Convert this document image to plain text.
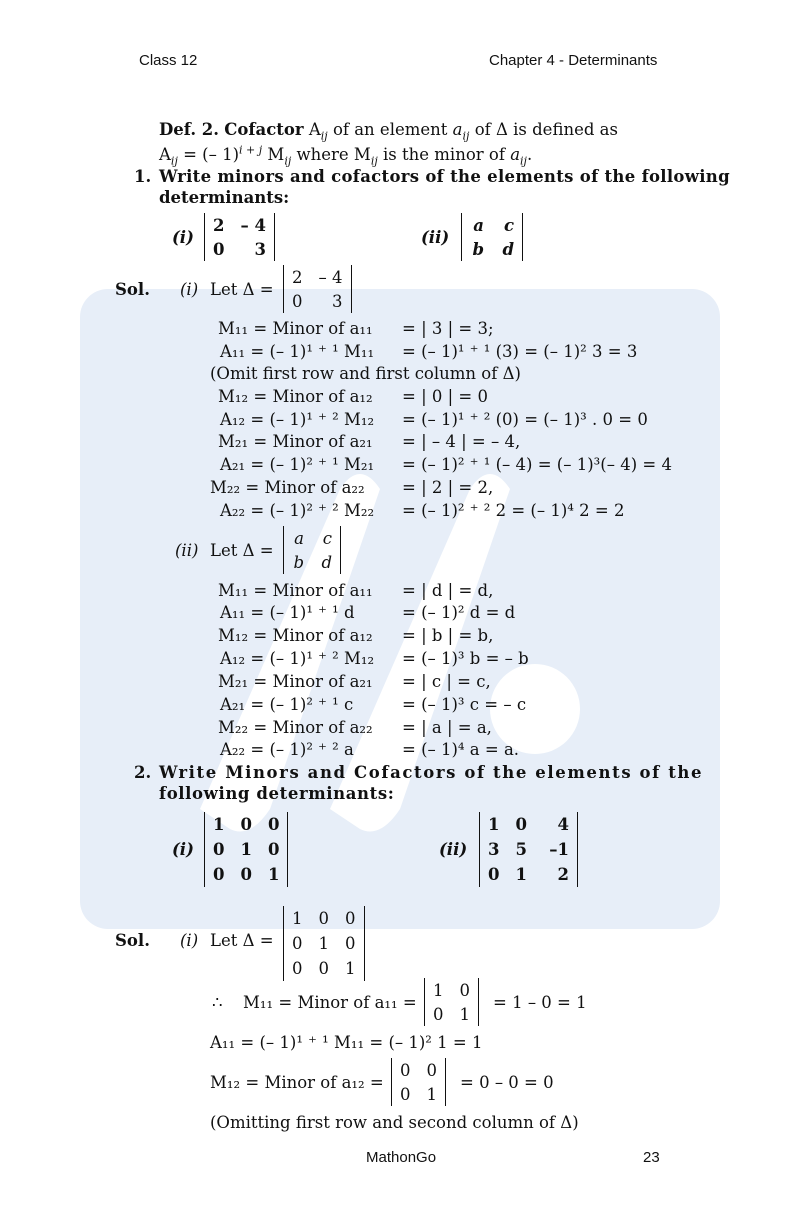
Class 12	Chapter 4 - Determinants
Def. 2. Cofactor $A_{ij}$ of an element $a_{ij}$ of Δ is defined as
$A_{ij}$ = (– 1)$^{i + j}$ $M_{ij}$ where $M_{ij}$ is the minor of $a_{ij}$.
1. Write minors and cofactors of the elements of the following
determinants:
(i)
2 – 4
0	3
(ii)
a	c
b	d
Sol. (i) Let Δ =
2 – 4
0	3
M₁₁ = Minor of a₁₁ = | 3 | = 3;
A₁₁ = (– 1)¹ ⁺ ¹ M₁₁ = (– 1)¹ ⁺ ¹ (3) = (– 1)² 3 = 3
(Omit first row and first column of Δ)
M₁₂ = Minor of a₁₂ = | 0 | = 0
A₁₂ = (– 1)¹ ⁺ ² M₁₂ = (– 1)¹ ⁺ ² (0) = (– 1)³ . 0 = 0
M₂₁ = Minor of a₂₁ = | – 4 | = – 4,
A₂₁ = (– 1)² ⁺ ¹ M₂₁ = (– 1)² ⁺ ¹ (– 4) = (– 1)³(– 4) = 4
M₂₂ = Minor of a₂₂ = | 2 | = 2,
A₂₂ = (– 1)² ⁺ ² M₂₂ = (– 1)² ⁺ ² 2 = (– 1)⁴ 2 = 2
(ii) Let Δ =
a	c
b	d
M₁₁ = Minor of a₁₁ = | d | = d,
A₁₁ = (– 1)¹ ⁺ ¹ d	= (– 1)² d = d
M₁₂ = Minor of a₁₂ = | b | = b,
A₁₂ = (– 1)¹ ⁺ ² M₁₂ = (– 1)³ b = – b
M₂₁ = Minor of a₂₁ = | c | = c,
A₂₁ = (– 1)² ⁺ ¹ c	= (– 1)³ c = – c
M₂₂ = Minor of a₂₂ = | a | = a,
A₂₂ = (– 1)² ⁺ ² a	= (– 1)⁴ a = a.
2. Write Minors and Cofactors of the elements of the
following determinants:
(i)
1 0 0
0 1 0
0 0 1
(ii)
1 0	4
3 5	–1
0 1	2
Sol. (i) Let Δ =
1 0 0
0 1 0
0 0 1
∴ M₁₁ = Minor of a₁₁ =
1 0
0 1
= 1 – 0 = 1
A₁₁ = (– 1)¹ ⁺ ¹ M₁₁ = (– 1)² 1 = 1
M₁₂ = Minor of a₁₂ =
0 0
0 1
= 0 – 0 = 0
(Omitting first row and second column of Δ)
MathonGo	23
